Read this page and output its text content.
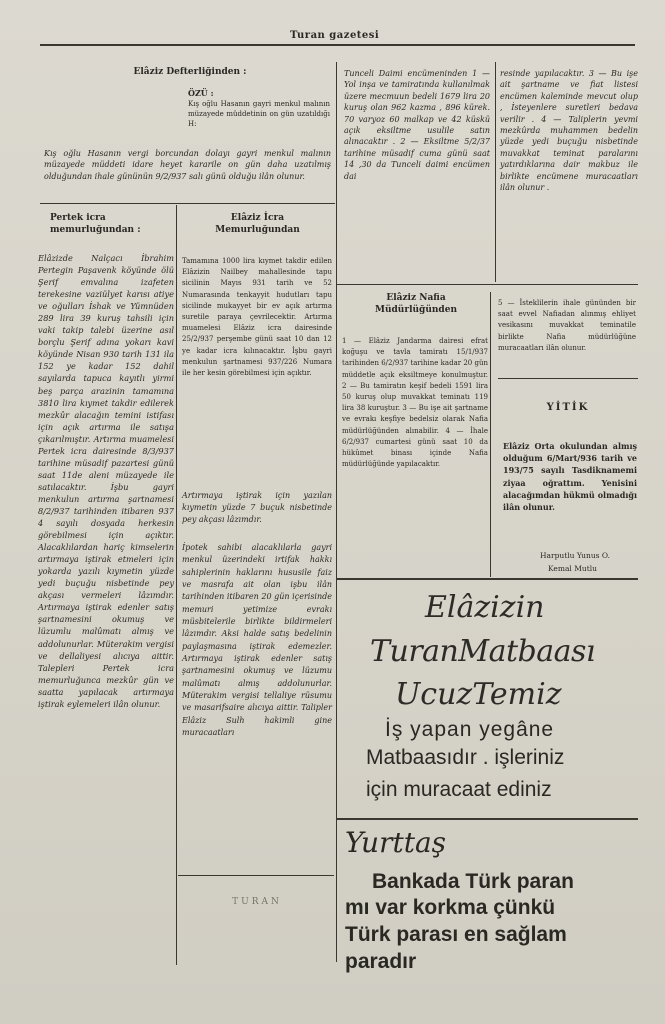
Turan gazetesi
Elâziz Defterliğinden :
ÖZÜ :
Kış oğlu Hasanın gayri menkul malının müzayede müddetinin on gün uzatıldığı H:
Kış oğlu Hasanın vergi borcundan dolayı gayri menkul malının müzayede müddeti idare heyet kararile on gün daha uzatılmış olduğundan ihale gününün 9/2/937 salı günü olduğu ilân olunur.
Pertek icra memurluğundan :
Elâzizde Nalçacı İbrahim Pertegin Paşavenk köyünde ölü Şerif emvalına izafeten terekesine vaziülyet karısı atiye ve oğulları İshak ve Yümnüden 289 lira 39 kuruş tahsili için vaki takip talebi üzerine asıl borçlu Şerif adına yokarı kavi köyünde Nisan 930 tarih 131 ila 152 ye kadar 152 dahil sayılarda tapuca kayıtlı yirmi beş parça arazinin tamamına 3810 lira kıymet takdir edilerek mezkûr alacağın temini istifası için açık artırma ile satışa çıkarılmıştır. Artırma muamelesi Pertek icra dairesinde 8/3/937 tarihine müsadif pazartesi günü saat 11de aleni müzayede ile satılacaktır. İşbu gayri menkulun artırma şartnamesi 8/2/937 tarihinden itibaren 937 4 sayılı dosyada herkesin görebilmesi için açıktır. Alacaklılardan hariç kimselerin artırmaya iştirak etmeleri için yokarda yazılı kıymetin yüzde yedi buçuğu nisbetinde pey akçası vermeleri lâzımdır. Artırmaya iştirak edenler satış şartnamesini okumuş ve lüzumlu malûmatı almış ve addolunurlar. Müterakim vergisi ve dellaliyesi alıcıya aittir. Talepleri Pertek icra memurluğunca mezkûr gün ve saatta yapılacak artırmaya iştirak eylemeleri ilân olunur.
Elâziz İcra Memurluğundan
Tamamına 1000 lira kıymet takdir edilen Elâzizin Nailbey mahallesinde tapu sicilinin Mayıs 931 tarih ve 52 Numarasında tenkayyit hudutları tapu sicilinde mukayyet bir ev açık artırma suretile paraya çevrilecektir. Artırma muamelesi Elâziz icra dairesinde 25/2/937 perşembe günü saat 10 dan 12 ye kadar icra kılınacaktır. İşbu gayri menkulun şartnamesi 937/226 Numara ile her kesin görebilmesi için açıktır.
Artırmaya iştirak için yazılan kıymetin yüzde 7 buçuk nisbetinde pey akçası lâzımdır.
İpotek sahibi alacaklılarla gayri menkul üzerindeki irtifak hakkı sahiplerinin haklarını hususile faiz ve masrafa ait olan işbu ilân tarihinden itibaren 20 gün içerisinde memuri yetimize evrakı müsbitelerile birlikte bildirmeleri lâzımdır. Aksi halde satış bedelinin paylaşmasına iştirak edemezler. Artırmaya iştirak edenler satış şartnamesini okumuş ve lüzumu malûmatı almış addolunurlar. Müterakim vergisi tellaliye rüsumu ve masarifsaire alıcıya aittir. Talipler Elâziz Sulh hakimli gine muracaatları
TURAN
Tunceli Daimi encümeninden 1 — Yol inşa ve tamiratında kullanılmak üzere mecmuun bedeli 1679 lira 20 kuruş olan 962 kazma , 896 kürek. 70 varyoz 60 malkap ve 42 küskü açık eksiltme usulile satın alınacaktır . 2 — Eksiltme 5/2/37 tarihine müsadif cuma günü saat 14 ,30 da Tunceli daimi encümen dai
resinde yapılacaktır. 3 — Bu işe ait şartname ve fiat listesi encümen kaleminde mevcut olup , İsteyenlere suretleri bedava verilir . 4 — Taliplerin yevmi mezkûrda muhammen bedelin yüzde yedi buçuğu nisbetinde muvakkat teminat paralarını yatırdıklarına dair makbuz ile birlikte encümene muracaatları ilân olunur .
Elâziz Nafia Müdürlüğünden
1 — Elâziz Jandarma dairesi efrat koğuşu ve tavla tamiratı 15/1/937 tarihinden 6/2/937 tarihine kadar 20 gün müddetle açık eksiltmeye konulmuştur. 2 — Bu tamiratın keşif bedeli 1591 lira 50 kuruş olup muvakkat teminatı 119 lira 38 kuruştur. 3 — Bu işe ait şartname ve evrakı keşfiye bedelsiz olarak Nafia müdürlüğünden alınabilir. 4 — İhale 6/2/937 cumartesi günü saat 10 da hükûmet binası içinde Nafia müdürlüğünde yapılacaktır.
5 — İsteklilerin ihale gününden bir saat evvel Nafiadan alınmış ehliyet vesikasını muvakkat teminatile birlikte Nafia müdürlüğüne muracaatları ilân olunur.
YİTİK
Elâziz Orta okulundan almış olduğum 6/Mart/936 tarih ve 193/75 sayılı Tasdiknamemi ziyaa oğrattım. Yenisini alacağımdan hükmü olmadığı ilân olunur.
Harputlu Yunus O.
Kemal Mutlu
Elâzizin
TuranMatbaası
UcuzTemiz
İş yapan yegâne
Matbaasıdır . işleriniz
için muracaat ediniz
Yurttaş
Bankada Türk paran
mı var korkma çünkü
Türk parası en sağlam
paradır
